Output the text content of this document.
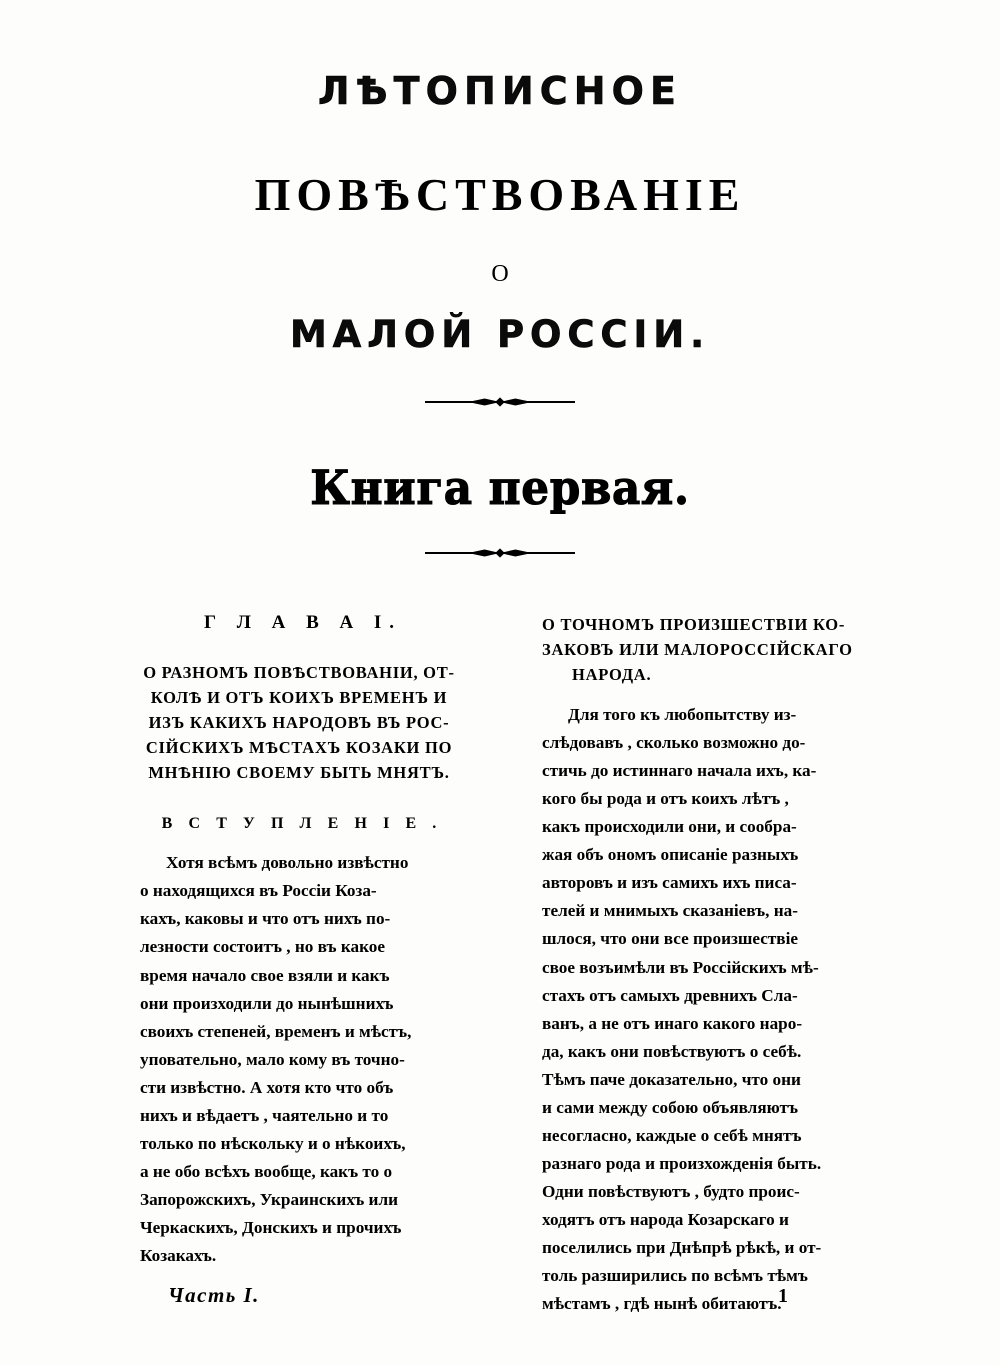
ЛѢТОПИСНОЕ
ПОВѢСТВОВАНІЕ
О
МАЛОЙ РОССІИ.
Книга первая.
Г Л А В А I.
О РАЗНОМЪ ПОВѢСТВОВАНІИ, ОТ-
КОЛѢ И ОТЪ КОИХЪ ВРЕМЕНЪ И
ИЗЪ КАКИХЪ НАРОДОВЪ ВЪ РОС-
СІЙСКИХЪ МѢСТАХЪ КОЗАКИ ПО
МНѢНІЮ СВОЕМУ БЫТЬ МНЯТЪ.
В С Т У П Л Е Н І Е .
Хотя всѣмъ довольно извѣстно
о находящихся въ Россіи Коза-
кахъ, каковы и что отъ нихъ по-
лезности состоитъ , но въ какое
время начало свое взяли и какъ
они произходили до нынѣшнихъ
своихъ степеней, временъ и мѣстъ,
уповательно, мало кому въ точно-
сти извѣстно. А хотя кто что объ
нихъ и вѣдаетъ , чаятельно и то
только по нѣскольку и о нѣкоихъ,
а не обо всѣхъ вообще, какъ то о
Запорожскихъ, Украинскихъ или
Черкаскихъ, Донскихъ и прочихъ
Козакахъ.
О ТОЧНОМЪ ПРОИЗШЕСТВІИ КО-
ЗАКОВЪ ИЛИ МАЛОРОССІЙСКАГО
НАРОДА.
Для того къ любопытству из-
слѣдовавъ , сколько возможно до-
стичь до истиннаго начала ихъ, ка-
кого бы рода и отъ коихъ лѣтъ ,
какъ происходили они, и сообра-
жая объ ономъ описаніе разныхъ
авторовъ и изъ самихъ ихъ писа-
телей и мнимыхъ сказаніевъ, на-
шлося, что они все произшествіе
свое возъимѣли въ Россійскихъ мѣ-
стахъ отъ самыхъ древнихъ Сла-
ванъ, а не отъ инаго какого наро-
да, какъ они повѣствуютъ о себѣ.
Тѣмъ паче доказательно, что они
и сами между собою объявляютъ
несогласно, каждые о себѣ мнятъ
разнаго рода и произхожденія быть.
Одни повѣствуютъ , будто проис-
ходятъ отъ народа Козарскаго и
поселились при Днѣпрѣ рѣкѣ, и от-
толь разширились по всѣмъ тѣмъ
мѣстамъ , гдѣ нынѣ обитаютъ.
Часть I.	1
